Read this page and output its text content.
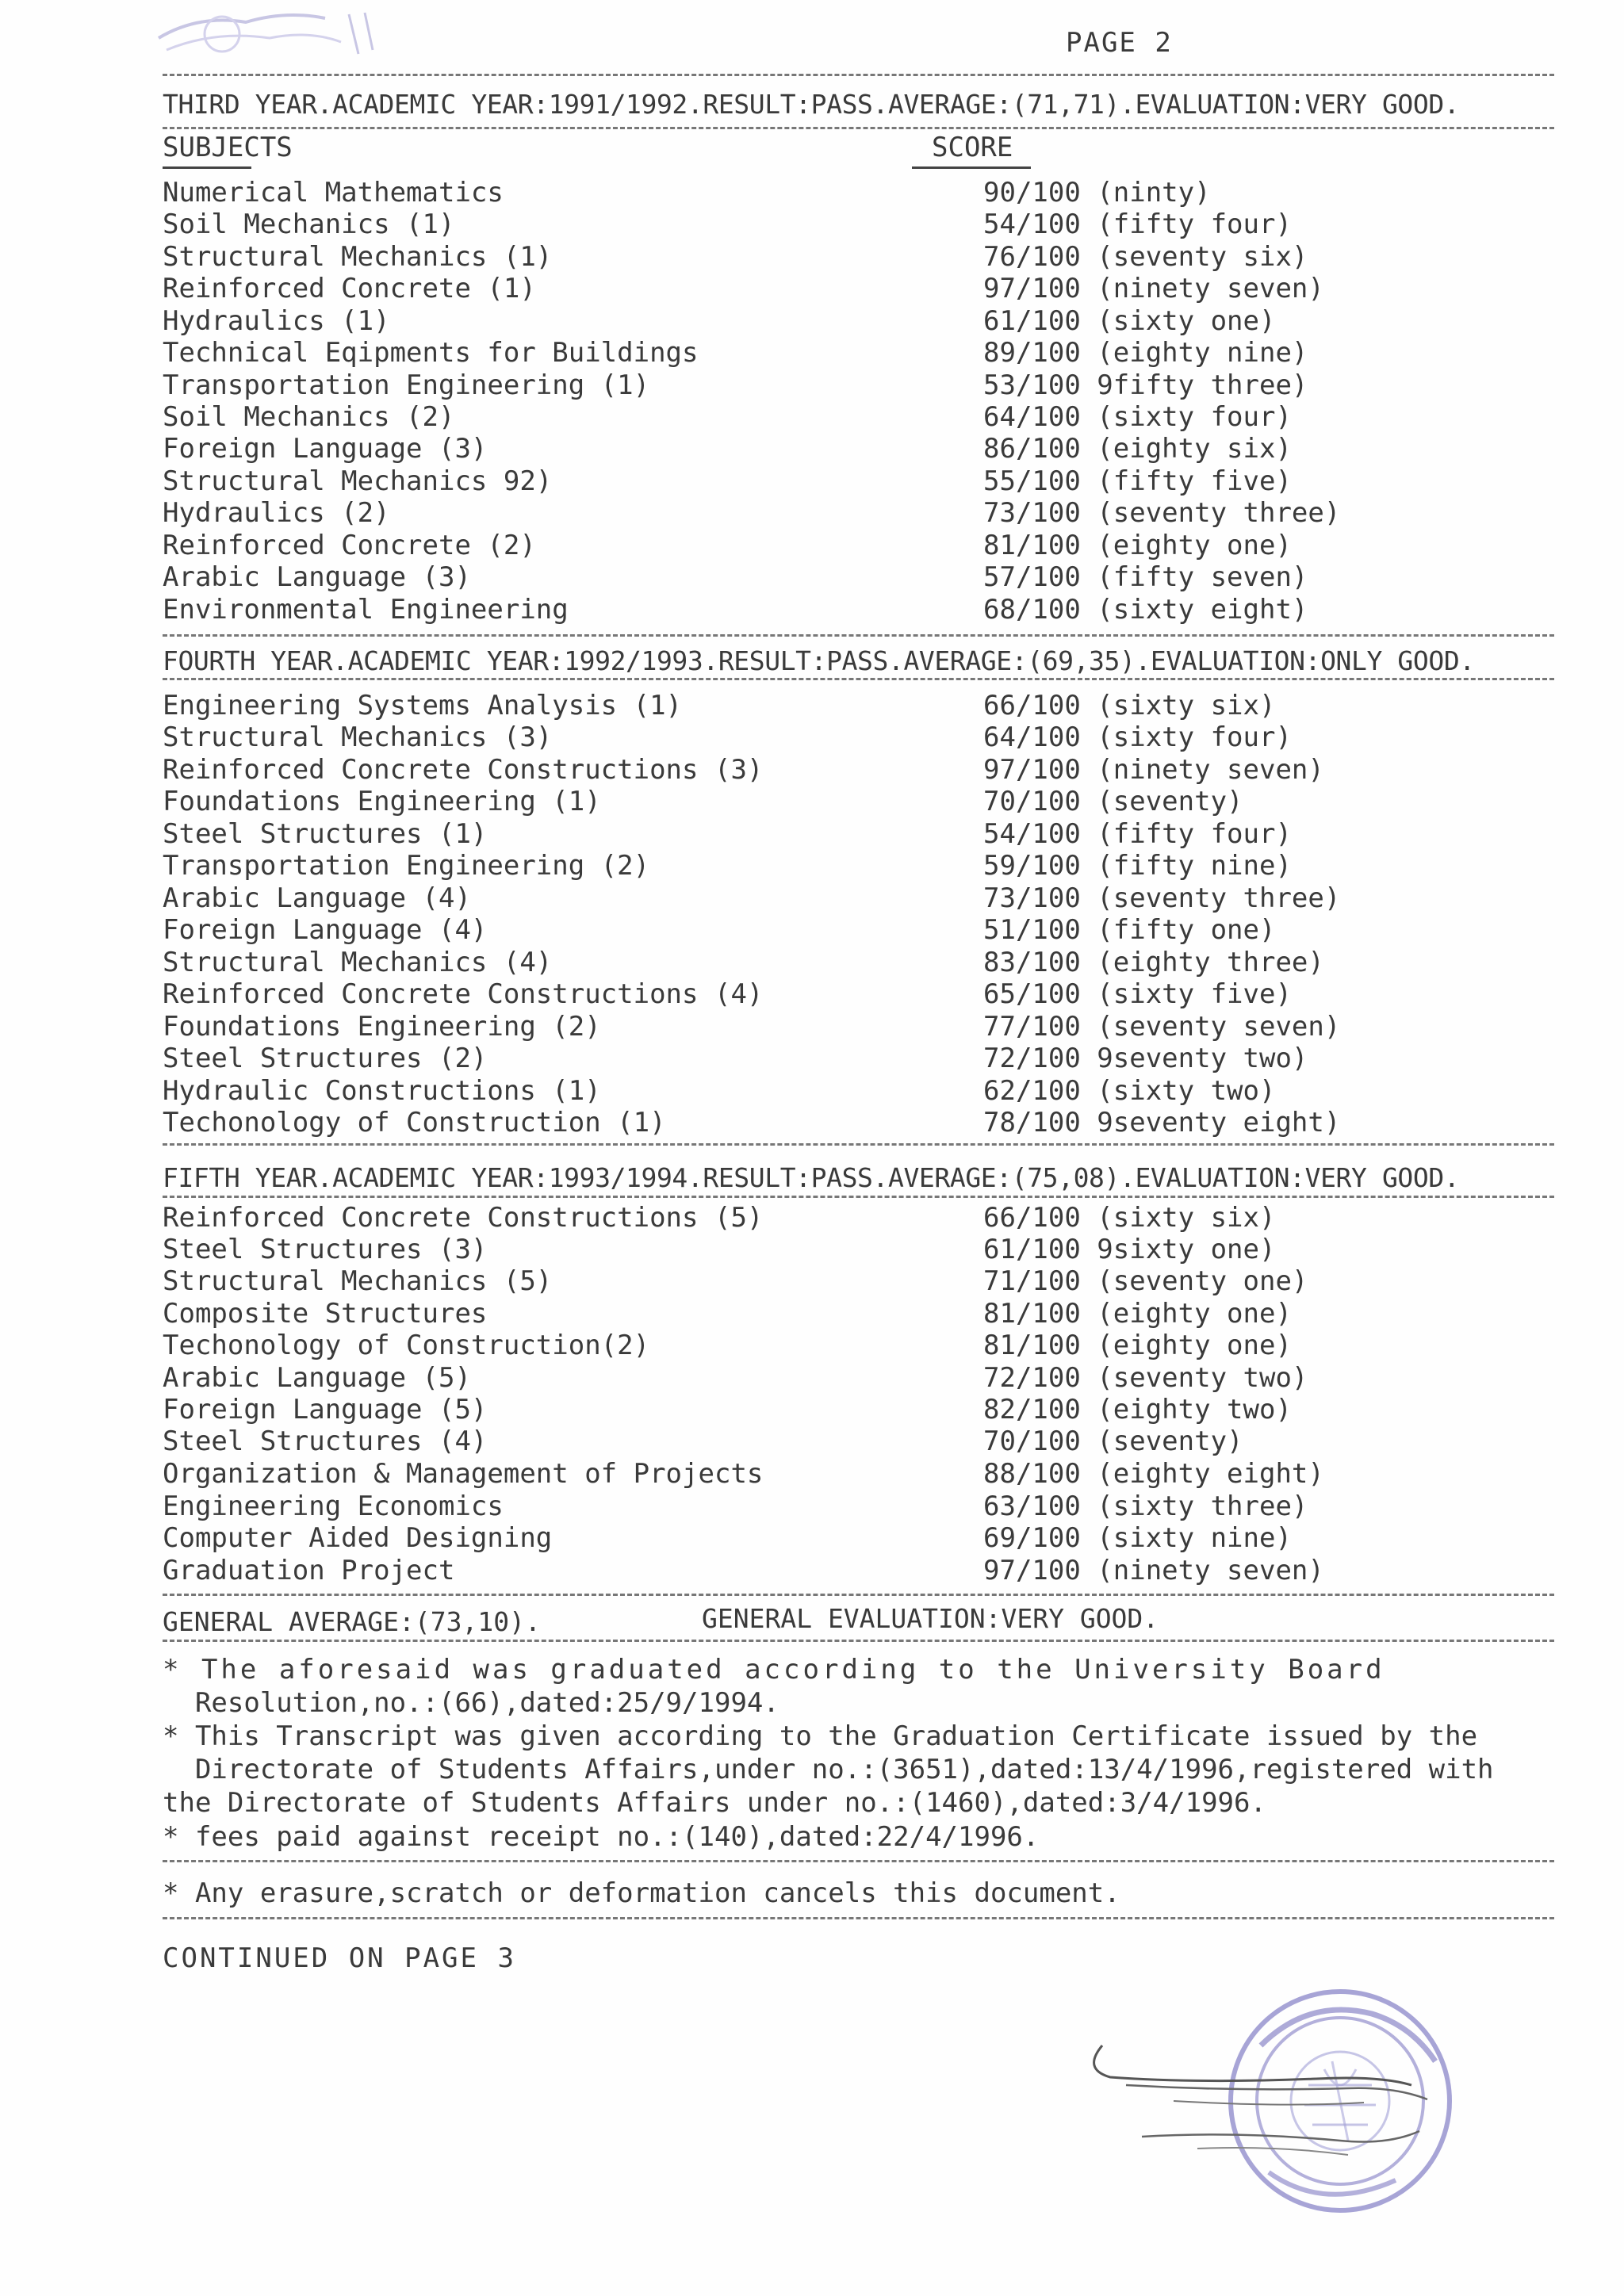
PAGE 2
THIRD YEAR.ACADEMIC YEAR:1991/1992.RESULT:PASS.AVERAGE:(71,71).EVALUATION:VERY GOOD.
FOURTH YEAR.ACADEMIC YEAR:1992/1993.RESULT:PASS.AVERAGE:(69,35).EVALUATION:ONLY GOOD.
FIFTH YEAR.ACADEMIC YEAR:1993/1994.RESULT:PASS.AVERAGE:(75,08).EVALUATION:VERY GOOD.
SUBJECTS	SCORE
Numerical Mathematics	90/100 (ninty)
Soil Mechanics (1)	54/100 (fifty four)
Structural Mechanics (1)	76/100 (seventy six)
Reinforced Concrete (1)	97/100 (ninety seven)
Hydraulics (1)	61/100 (sixty one)
Technical Eqipments for Buildings	89/100 (eighty nine)
Transportation Engineering (1)	53/100 9fifty three)
Soil Mechanics (2)	64/100 (sixty four)
Foreign Language (3)	86/100 (eighty six)
Structural Mechanics 92)	55/100 (fifty five)
Hydraulics (2)	73/100 (seventy three)
Reinforced Concrete (2)	81/100 (eighty one)
Arabic Language (3)	57/100 (fifty seven)
Environmental Engineering	68/100 (sixty eight)
Engineering Systems Analysis (1)	66/100 (sixty six)
Structural Mechanics (3)	64/100 (sixty four)
Reinforced Concrete Constructions (3)	97/100 (ninety seven)
Foundations Engineering (1)	70/100 (seventy)
Steel Structures (1)	54/100 (fifty four)
Transportation Engineering (2)	59/100 (fifty nine)
Arabic Language (4)	73/100 (seventy three)
Foreign Language (4)	51/100 (fifty one)
Structural Mechanics (4)	83/100 (eighty three)
Reinforced Concrete Constructions (4)	65/100 (sixty five)
Foundations Engineering (2)	77/100 (seventy seven)
Steel Structures (2)	72/100 9seventy two)
Hydraulic Constructions (1)	62/100 (sixty two)
Techonology of Construction (1)	78/100 9seventy eight)
Reinforced Concrete Constructions (5)	66/100 (sixty six)
Steel Structures (3)	61/100 9sixty one)
Structural Mechanics (5)	71/100 (seventy one)
Composite Structures	81/100 (eighty one)
Techonology of Construction(2)	81/100 (eighty one)
Arabic Language (5)	72/100 (seventy two)
Foreign Language (5)	82/100 (eighty two)
Steel Structures (4)	70/100 (seventy)
Organization & Management of Projects	88/100 (eighty eight)
Engineering Economics	63/100 (sixty three)
Computer Aided Designing	69/100 (sixty nine)
Graduation Project	97/100 (ninety seven)
GENERAL AVERAGE:(73,10).	GENERAL EVALUATION:VERY GOOD.
* The aforesaid was graduated according to the University Board
Resolution,no.:(66),dated:25/9/1994.
* This Transcript was given according to the Graduation Certificate issued by the
Directorate of Students Affairs,under no.:(3651),dated:13/4/1996,registered with
the Directorate of Students Affairs under no.:(1460),dated:3/4/1996.
* fees paid against receipt no.:(140),dated:22/4/1996.
* Any erasure,scratch or deformation cancels this document.
CONTINUED ON PAGE 3
